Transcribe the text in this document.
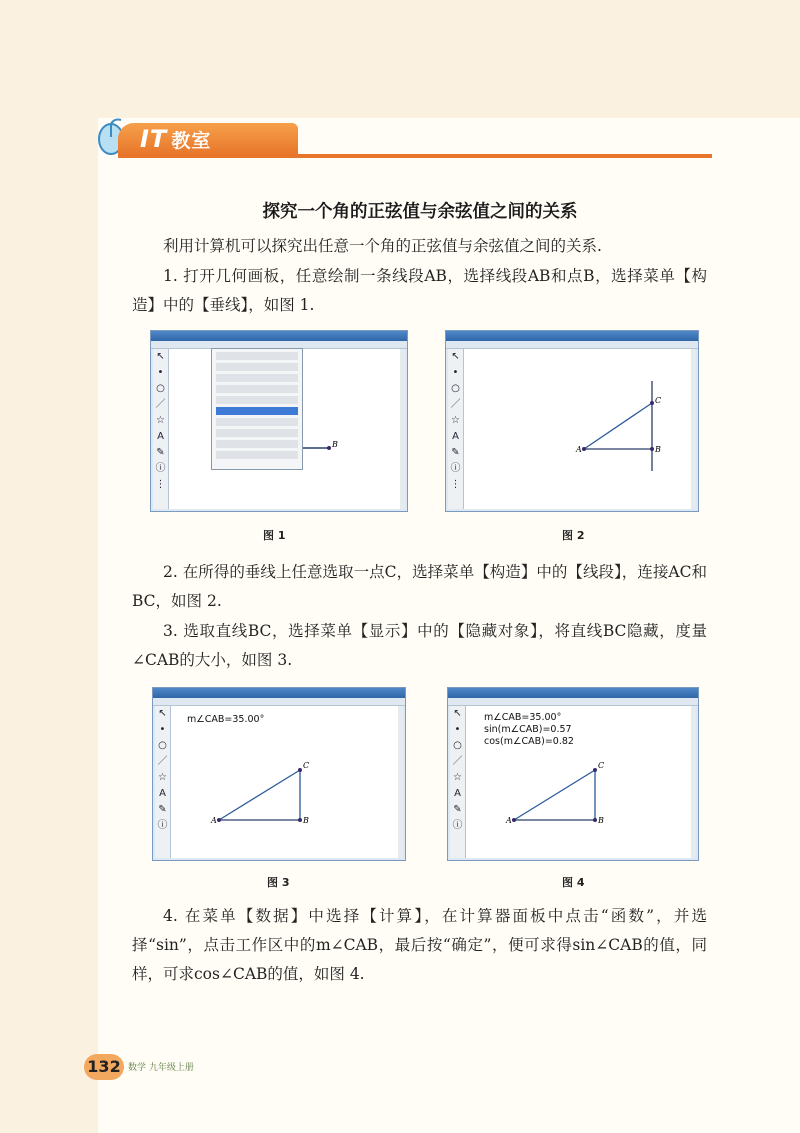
IT 教室
探究一个角的正弦值与余弦值之间的关系
利用计算机可以探究出任意一个角的正弦值与余弦值之间的关系.
1. 打开几何画板，任意绘制一条线段AB，选择线段AB和点B，选择菜单【构造】中的【垂线】，如图 1.
↖
•
○
／
☆
A
✎
ⓘ
⋮
B
图 1
↖
•
○
／
☆
A
✎
ⓘ
⋮
A	B
C
图 2
2. 在所得的垂线上任意选取一点C，选择菜单【构造】中的【线段】，连接AC和BC，如图 2.
3. 选取直线BC，选择菜单【显示】中的【隐藏对象】，将直线BC隐藏，度量∠CAB的大小，如图 3.
↖
•
○
／
☆
A
✎
ⓘ
m∠CAB=35.00°
A	B
C
图 3
↖
•
○
／
☆
A
✎
ⓘ
m∠CAB=35.00°
sin(m∠CAB)=0.57
cos(m∠CAB)=0.82
A	B
C
图 4
4. 在菜单【数据】中选择【计算】，在计算器面板中点击“函数”，并选择“sin”，点击工作区中的m∠CAB，最后按“确定”，便可求得sin∠CAB的值，同样，可求cos∠CAB的值，如图 4.
132 数学 九年级上册
